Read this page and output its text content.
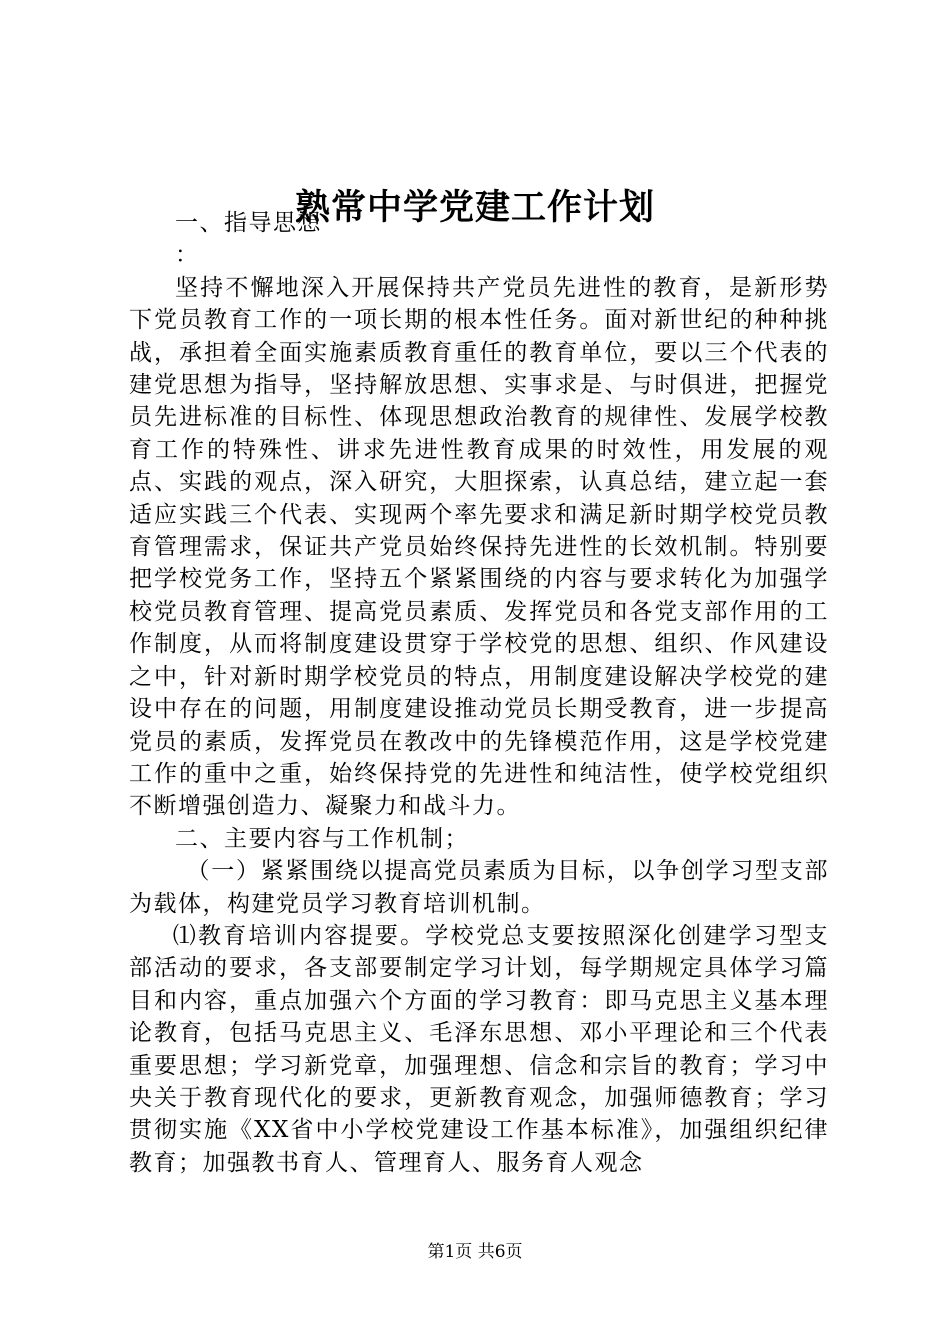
熟常中学党建工作计划

一、指导思想

：

坚持不懈地深入开展保持共产党员先进性的教育，是新形势下党员教育工作的一项长期的根本性任务。面对新世纪的种种挑战，承担着全面实施素质教育重任的教育单位，要以三个代表的建党思想为指导，坚持解放思想、实事求是、与时俱进，把握党员先进标准的目标性、体现思想政治教育的规律性、发展学校教育工作的特殊性、讲求先进性教育成果的时效性，用发展的观点、实践的观点，深入研究，大胆探索，认真总结，建立起一套适应实践三个代表、实现两个率先要求和满足新时期学校党员教育管理需求，保证共产党员始终保持先进性的长效机制。特别要把学校党务工作，坚持五个紧紧围绕的内容与要求转化为加强学校党员教育管理、提高党员素质、发挥党员和各党支部作用的工作制度，从而将制度建设贯穿于学校党的思想、组织、作风建设之中，针对新时期学校党员的特点，用制度建设解决学校党的建设中存在的问题，用制度建设推动党员长期受教育，进一步提高党员的素质，发挥党员在教改中的先锋模范作用，这是学校党建工作的重中之重，始终保持党的先进性和纯洁性，使学校党组织不断增强创造力、凝聚力和战斗力。

二、主要内容与工作机制；

（一）紧紧围绕以提高党员素质为目标，以争创学习型支部为载体，构建党员学习教育培训机制。

⑴教育培训内容提要。学校党总支要按照深化创建学习型支部活动的要求，各支部要制定学习计划，每学期规定具体学习篇目和内容，重点加强六个方面的学习教育：即马克思主义基本理论教育，包括马克思主义、毛泽东思想、邓小平理论和三个代表重要思想；学习新党章，加强理想、信念和宗旨的教育；学习中央关于教育现代化的要求，更新教育观念，加强师德教育；学习贯彻实施《XX省中小学校党建设工作基本标准》，加强组织纪律教育；加强教书育人、管理育人、服务育人观念

第1页 共6页
